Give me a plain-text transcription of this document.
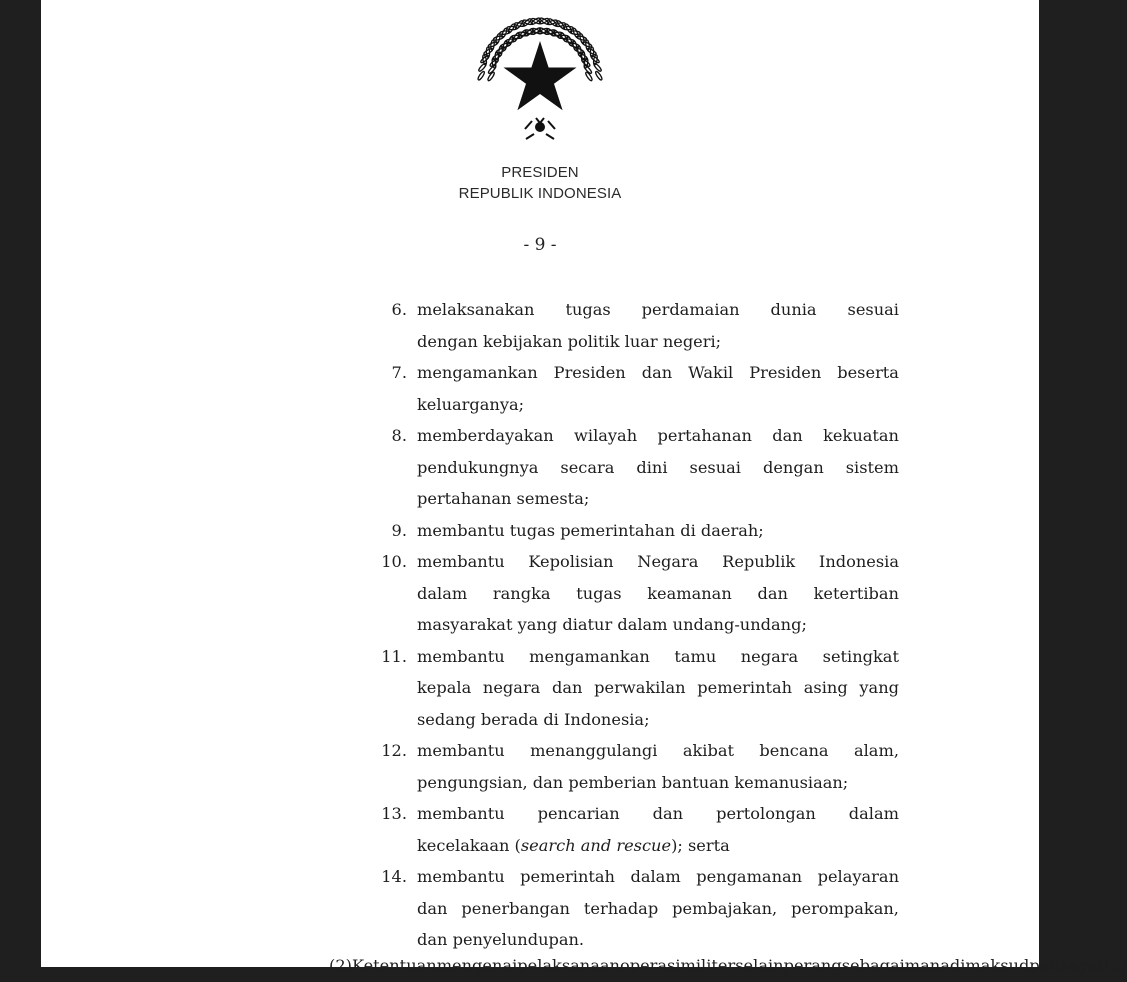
PRESIDEN
REPUBLIK INDONESIA
- 9 -
6. melaksanakan tugas perdamaian dunia sesuai
dengan kebijakan politik luar negeri;
7. mengamankan Presiden dan Wakil Presiden beserta
keluarganya;
8. memberdayakan wilayah pertahanan dan kekuatan
pendukungnya secara dini sesuai dengan sistem
pertahanan semesta;
9. membantu tugas pemerintahan di daerah;
10. membantu Kepolisian Negara Republik Indonesia
dalam rangka tugas keamanan dan ketertiban
masyarakat yang diatur dalam undang-undang;
11. membantu mengamankan tamu negara setingkat
kepala negara dan perwakilan pemerintah asing yang
sedang berada di Indonesia;
12. membantu menanggulangi akibat bencana alam,
pengungsian, dan pemberian bantuan kemanusiaan;
13. membantu pencarian dan pertolongan dalam
kecelakaan (search and rescue); serta
14. membantu pemerintah dalam pengamanan pelayaran
dan penerbangan terhadap pembajakan, perompakan,
dan penyelundupan.
(2) Ketentuan mengenai pelaksanaan operasi militer selain perang sebagaimana dimaksud pada ayat (2)
